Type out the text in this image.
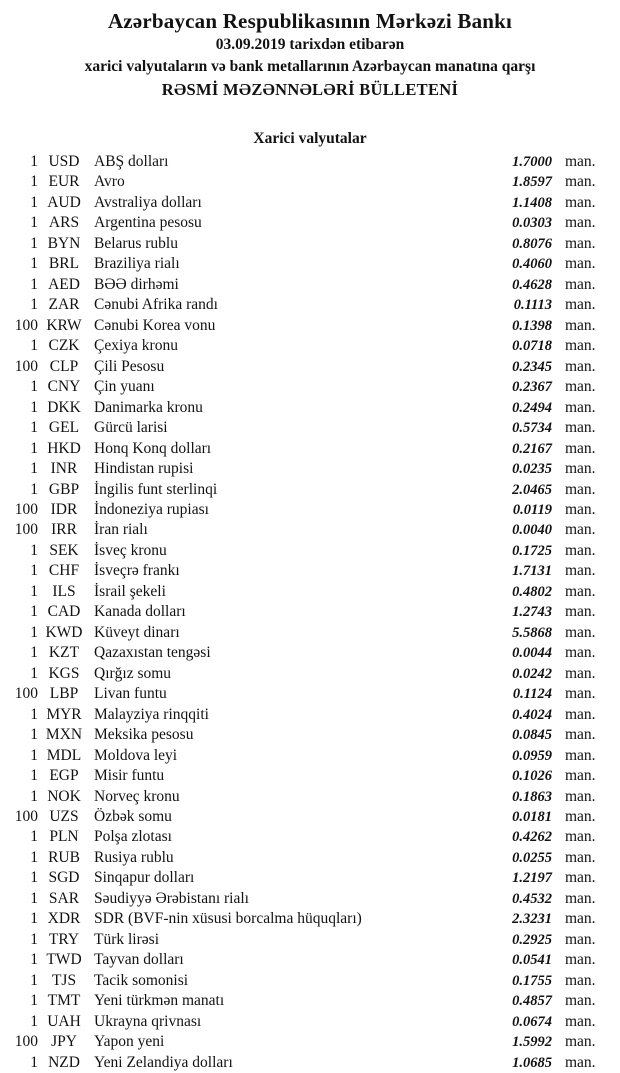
Azərbaycan Respublikasının Mərkəzi Bankı
03.09.2019 tarixdən etibarən
xarici valyutaların və bank metallarının Azərbaycan manatına qarşı
RƏSMİ MƏZƏNNƏLƏRİ BÜLLETENİ
Xarici valyutalar
1 USD ABŞ dolları	1.7000 man.
1 EUR Avro	1.8597 man.
1 AUD Avstraliya dolları	1.1408 man.
1 ARS Argentina pesosu	0.0303 man.
1 BYN Belarus rublu	0.8076 man.
1 BRL Braziliya rialı	0.4060 man.
1 AED BƏƏ dirhəmi	0.4628 man.
1 ZAR Cənubi Afrika randı	0.1113 man.
100 KRW Cənubi Korea vonu	0.1398 man.
1 CZK Çexiya kronu	0.0718 man.
100 CLP	Çili Pesosu	0.2345 man.
1 CNY Çin yuanı	0.2367 man.
1 DKK Danimarka kronu	0.2494 man.
1 GEL Gürcü larisi	0.5734 man.
1 HKD Honq Konq dolları	0.2167 man.
1 INR	Hindistan rupisi	0.0235 man.
1 GBP İngilis funt sterlinqi	2.0465 man.
100 IDR	İndoneziya rupiası	0.0119 man.
100 IRR	İran rialı	0.0040 man.
1 SEK İsveç kronu	0.1725 man.
1 CHF İsveçrə frankı	1.7131 man.
1 ILS	İsrail şekeli	0.4802 man.
1 CAD Kanada dolları	1.2743 man.
1 KWD Küveyt dinarı	5.5868 man.
1 KZT Qazaxıstan tengəsi	0.0044 man.
1 KGS Qırğız somu	0.0242 man.
100 LBP	Livan funtu	0.1124 man.
1 MYR Malayziya rinqqiti	0.4024 man.
1 MXN Meksika pesosu	0.0845 man.
1 MDL Moldova leyi	0.0959 man.
1 EGP Misir funtu	0.1026 man.
1 NOK Norveç kronu	0.1863 man.
100 UZS Özbək somu	0.0181 man.
1 PLN Polşa zlotası	0.4262 man.
1 RUB Rusiya rublu	0.0255 man.
1 SGD Sinqapur dolları	1.2197 man.
1 SAR Səudiyyə Ərəbistanı rialı	0.4532 man.
1 XDR SDR (BVF-nin xüsusi borcalma hüquqları)	2.3231 man.
1 TRY Türk lirəsi	0.2925 man.
1 TWD Tayvan dolları	0.0541 man.
1 TJS	Tacik somonisi	0.1755 man.
1 TMT Yeni türkmən manatı	0.4857 man.
1 UAH Ukrayna qrivnası	0.0674 man.
100 JPY	Yapon yeni	1.5992 man.
1 NZD Yeni Zelandiya dolları	1.0685 man.
